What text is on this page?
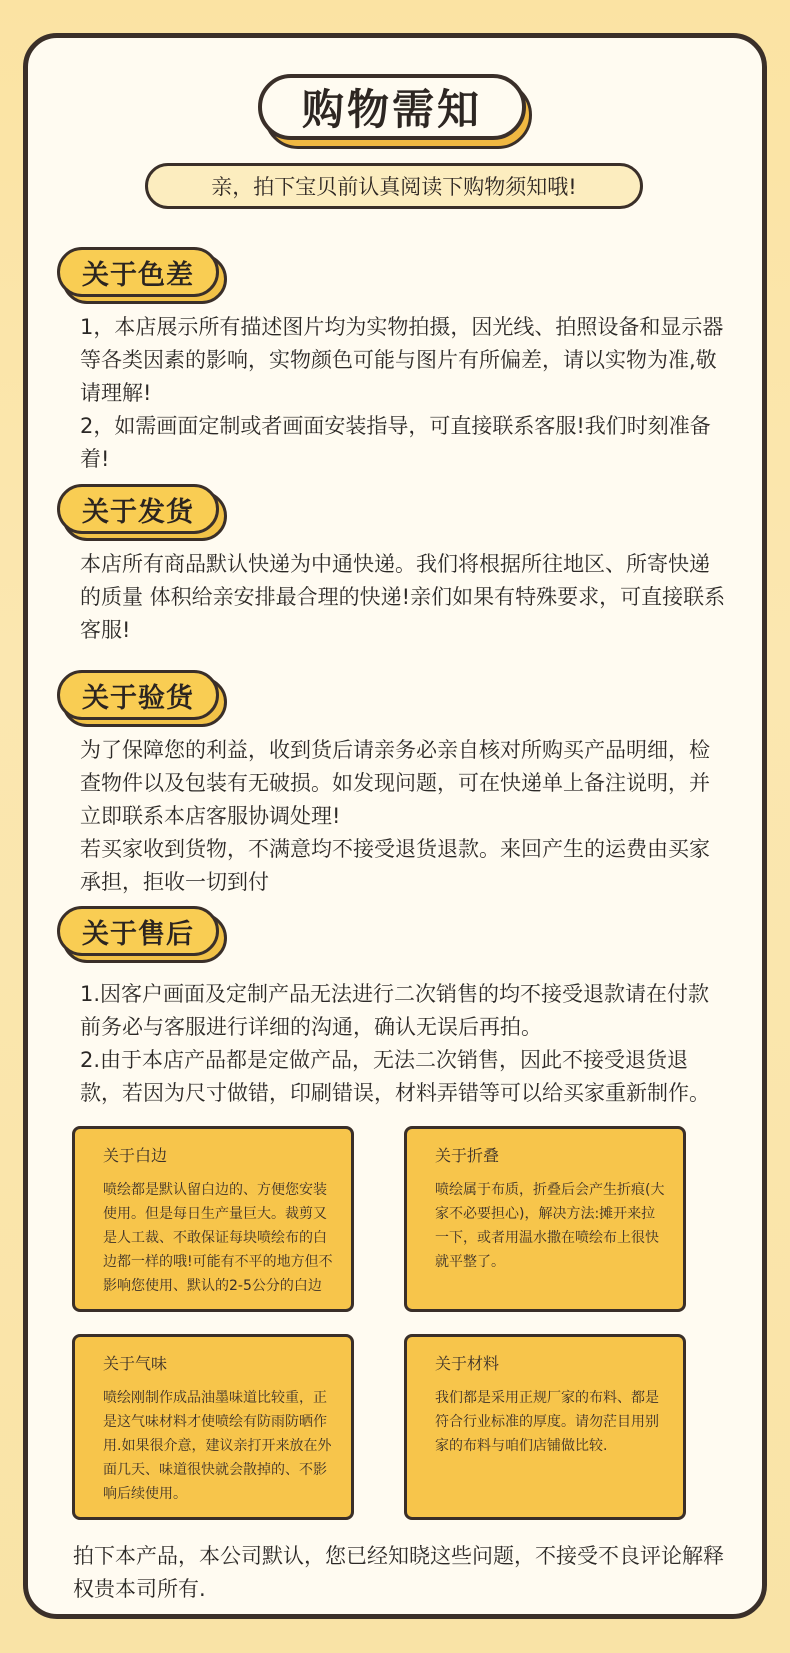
购物需知
亲，拍下宝贝前认真阅读下购物须知哦!
关于色差

1，本店展示所有描述图片均为实物拍摄，因光线、拍照设备和显示器等各类因素的影响，实物颜色可能与图片有所偏差，请以实物为准,敬请理解!

2，如需画面定制或者画面安装指导，可直接联系客服!我们时刻准备着!

关于发货

本店所有商品默认快递为中通快递。我们将根据所往地区、所寄快递的质量 体积给亲安排最合理的快递!亲们如果有特殊要求，可直接联系客服!

关于验货

为了保障您的利益，收到货后请亲务必亲自核对所购买产品明细，检查物件以及包装有无破损。如发现问题，可在快递单上备注说明，并立即联系本店客服协调处理!

若买家收到货物，不满意均不接受退货退款。来回产生的运费由买家承担，拒收一切到付

关于售后

1.因客户画面及定制产品无法进行二次销售的均不接受退款请在付款前务必与客服进行详细的沟通，确认无误后再拍。

2.由于本店产品都是定做产品，无法二次销售，因此不接受退货退款，若因为尺寸做错，印刷错误，材料弄错等可以给买家重新制作。

关于白边
喷绘都是默认留白边的、方便您安装使用。但是每日生产量巨大。裁剪又是人工裁、不敢保证每块喷绘布的白边都一样的哦!可能有不平的地方但不影响您使用、默认的2-5公分的白边
关于折叠
喷绘属于布质，折叠后会产生折痕(大家不必要担心)，解决方法:摊开来拉一下，或者用温水撒在喷绘布上很快就平整了。
关于气味
喷绘刚制作成品油墨味道比较重，正是这气味材料才使喷绘有防雨防晒作用.如果很介意，建议亲打开来放在外面几天、味道很快就会散掉的、不影响后续使用。
关于材料
我们都是采用正规厂家的布料、都是符合行业标准的厚度。请勿茫目用别家的布料与咱们店铺做比较.
拍下本产品，本公司默认，您已经知晓这些问题，不接受不良评论解释权贵本司所有.
